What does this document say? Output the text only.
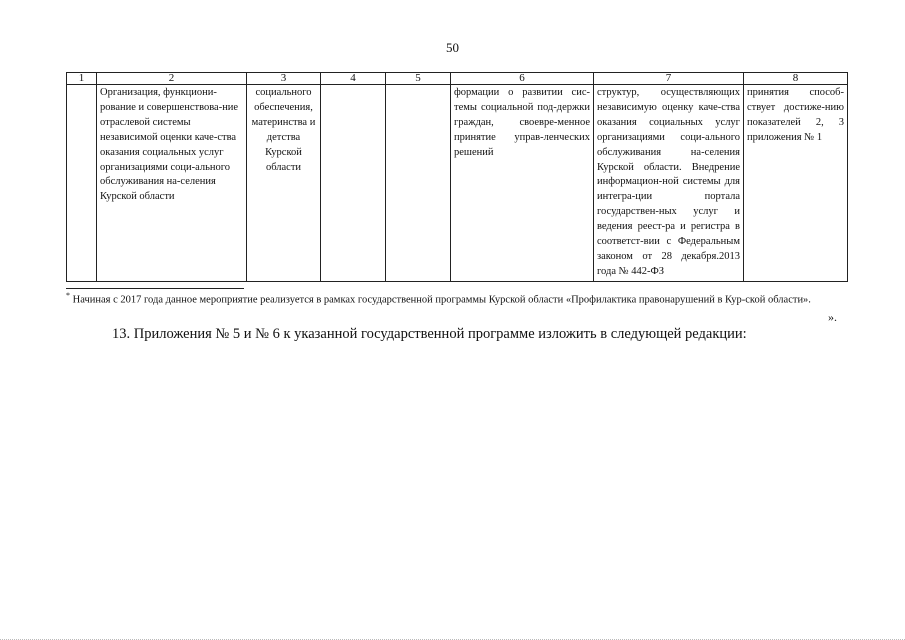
50
1	2	3	4	5	6	7	8
	Организация, функциони-рование и совершенствова-ние отраслевой системы независимой оценки каче-ства оказания социальных услуг организациями соци-ального обслуживания на-селения Курской области	социального обеспечения, материнства и детства Курской области			формации о развитии сис-темы социальной под-держки граждан, своевре-менное принятие управ-ленческих решений	структур, осуществляющих независимую оценку каче-ства оказания социальных услуг организациями соци-ального обслуживания на-селения Курской области. Внедрение информацион-ной системы для интегра-ции портала государствен-ных услуг и ведения реест-ра и регистра в соответст-вии с Федеральным законом от 28 декабря.2013 года № 442-ФЗ	принятия способ-ствует достиже-нию показателей 2, 3 приложения № 1
* Начиная с 2017 года данное мероприятие реализуется в рамках государственной программы Курской области «Профилактика правонарушений в Кур-ской области».
».
13. Приложения № 5 и № 6 к указанной государственной программе изложить в следующей редакции:
